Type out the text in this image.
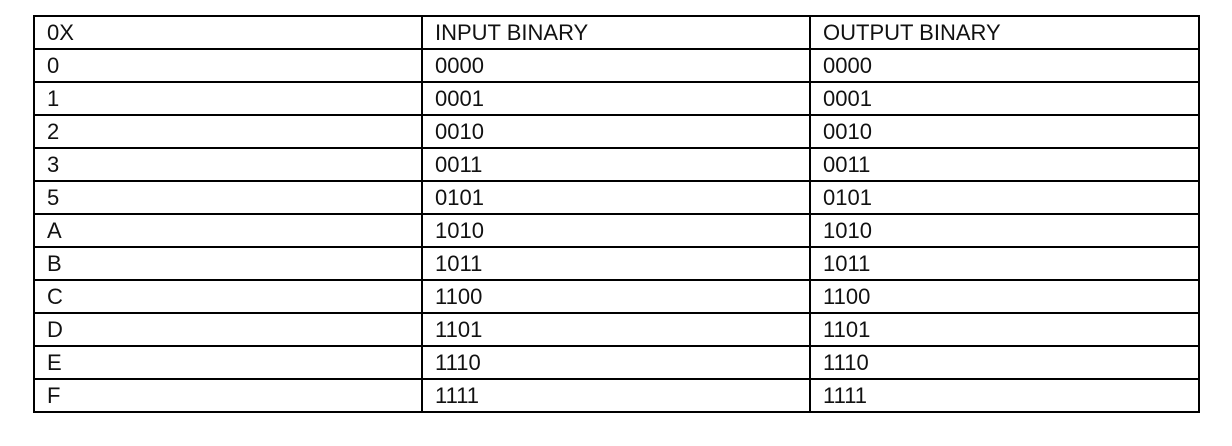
0X	INPUT BINARY	OUTPUT BINARY
0	0000	0000
1	0001	0001
2	0010	0010
3	0011	0011
5	0101	0101
A	1010	1010
B	1011	1011
C	1100	1100
D	1101	1101
E	1110	1110
F	1111	1111
